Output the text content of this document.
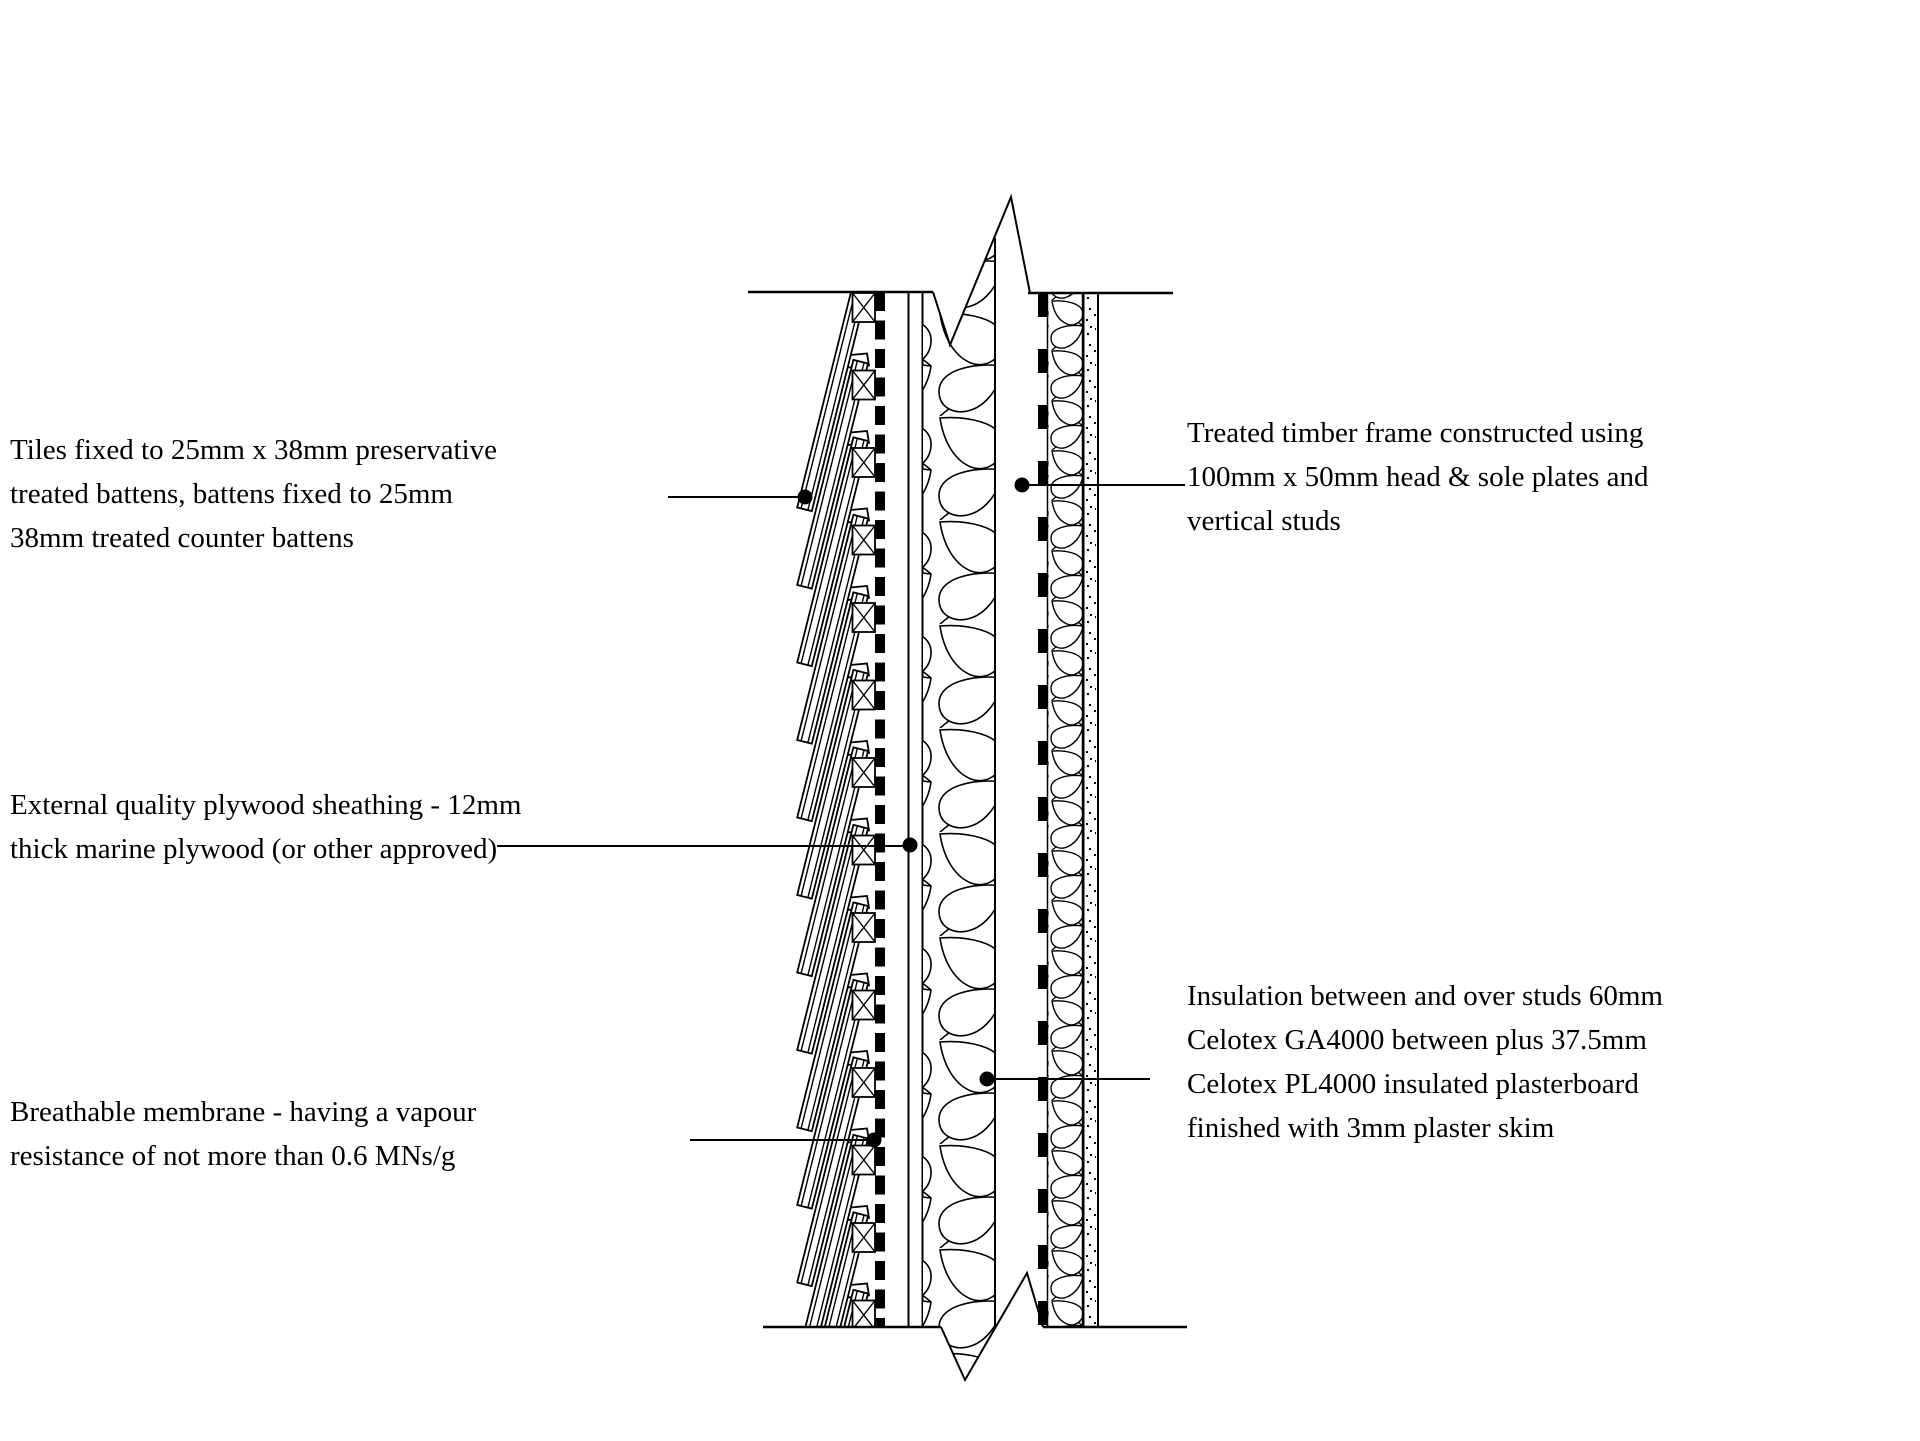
Tiles fixed to 25mm x 38mm preservative
treated battens, battens fixed to 25mm
38mm treated counter battens
External quality plywood sheathing - 12mm
thick marine plywood (or other approved)
Breathable membrane - having a vapour
resistance of not more than 0.6 MNs/g
Treated timber frame constructed using
100mm x 50mm head & sole plates and
vertical studs
Insulation between and over studs 60mm
Celotex GA4000 between plus 37.5mm
Celotex PL4000 insulated plasterboard
finished with 3mm plaster skim
